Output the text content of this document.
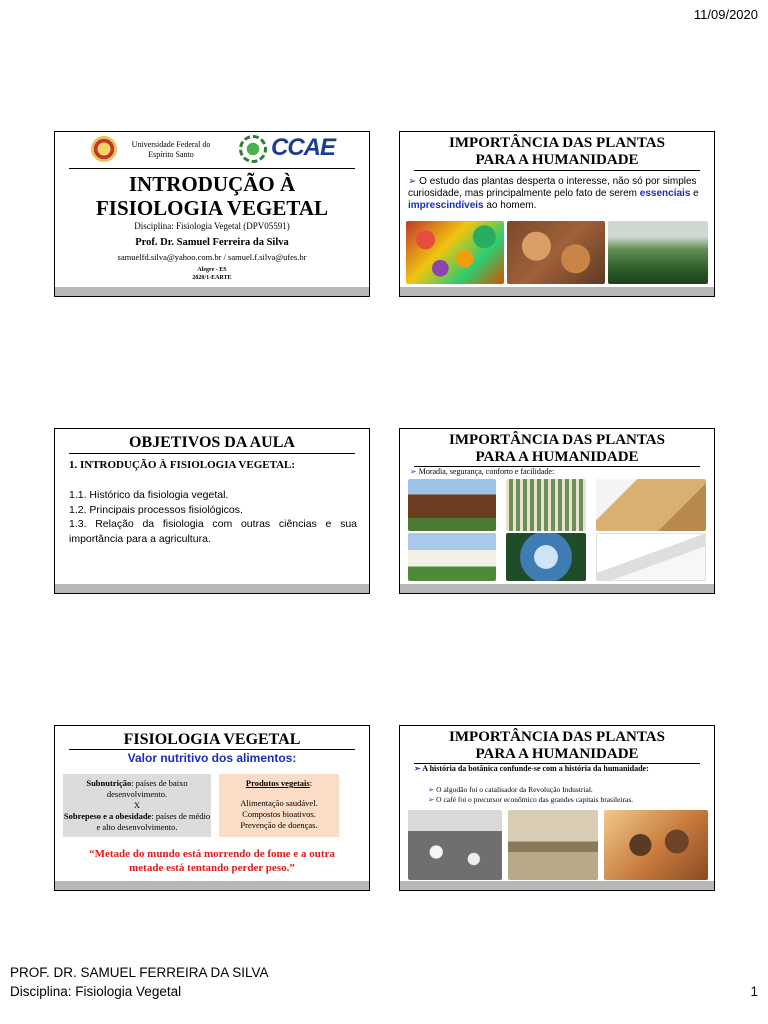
11/09/2020
Universidade Federal do Espírito Santo	CCAE
INTRODUÇÃO À
FISIOLOGIA VEGETAL
Disciplina: Fisiologia Vegetal (DPV05591)
Prof. Dr. Samuel Ferreira da Silva
samuelfd.silva@yahoo.com.br / samuel.f.silva@ufes.br
Alegre - ES
2020/1-EARTE
IMPORTÂNCIA DAS PLANTAS
PARA A HUMANIDADE
➢ O estudo das plantas desperta o interesse, não só por simples curiosidade, mas principalmente pelo fato de serem essenciais e imprescindíveis ao homem.
OBJETIVOS DA AULA
1. INTRODUÇÃO À FISIOLOGIA VEGETAL:
1.1. Histórico da fisiologia vegetal.
1.2. Principais processos fisiológicos.
1.3. Relação da fisiologia com outras ciências e sua importância para a agricultura.
IMPORTÂNCIA DAS PLANTAS
PARA A HUMANIDADE
➢ Moradia, segurança, conforto e facilidade:
FISIOLOGIA VEGETAL
Valor nutritivo dos alimentos:
Subnutrição: países de baixo desenvolvimento.
X
Sobrepeso e a obesidade: países de médio e alto desenvolvimento.
Produtos vegetais:
Alimentação saudável.
Compostos bioativos.
Prevenção de doenças.
“Metade do mundo está morrendo de fome e a outra metade está tentando perder peso.”
IMPORTÂNCIA DAS PLANTAS
PARA A HUMANIDADE
➢ A história da botânica confunde-se com a história da humanidade:
➢ O algodão foi o catalisador da Revolução Industrial.
➢ O café foi o precursor econômico das grandes capitais brasileiras.
PROF. DR. SAMUEL FERREIRA DA SILVA
Disciplina: Fisiologia Vegetal	1
